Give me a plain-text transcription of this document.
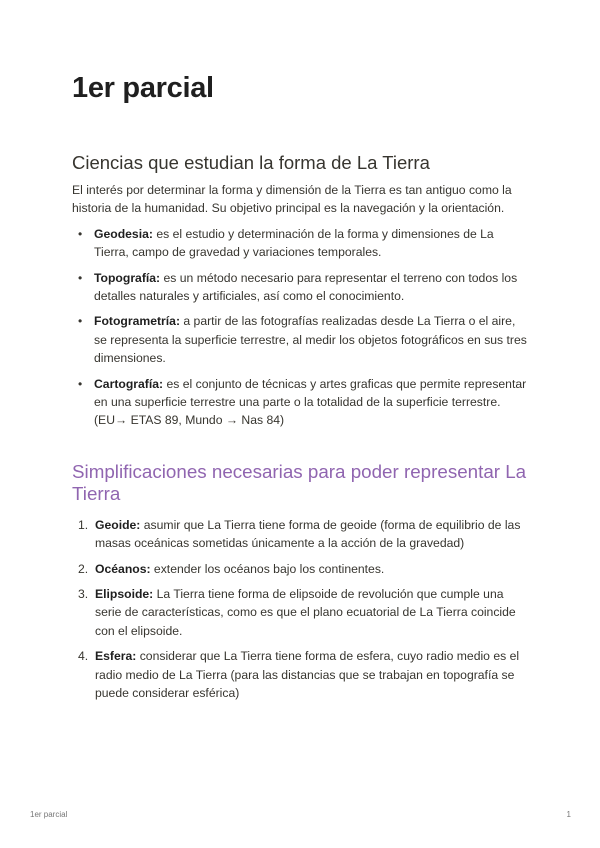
1er parcial
Ciencias que estudian la forma de La Tierra

El interés por determinar la forma y dimensión de la Tierra es tan antiguo como la historia de la humanidad. Su objetivo principal es la navegación y la orientación.

• Geodesia: es el estudio y determinación de la forma y dimensiones de La Tierra, campo de gravedad y variaciones temporales.
• Topografía: es un método necesario para representar el terreno con todos los detalles naturales y artificiales, así como el conocimiento.
• Fotogrametría: a partir de las fotografías realizadas desde La Tierra o el aire, se representa la superficie terrestre, al medir los objetos fotográficos en sus tres dimensiones.
• Cartografía: es el conjunto de técnicas y artes graficas que permite representar en una superficie terrestre una parte o la totalidad de la superficie terrestre. (EU→ ETAS 89, Mundo → Nas 84)
Simplificaciones necesarias para poder representar La Tierra
1. Geoide: asumir que La Tierra tiene forma de geoide (forma de equilibrio de las masas oceánicas sometidas únicamente a la acción de la gravedad)
2. Océanos: extender los océanos bajo los continentes.
3. Elipsoide: La Tierra tiene forma de elipsoide de revolución que cumple una serie de características, como es que el plano ecuatorial de La Tierra coincide con el elipsoide.
4. Esfera: considerar que La Tierra tiene forma de esfera, cuyo radio medio es el radio medio de La Tierra (para las distancias que se trabajan en topografía se puede considerar esférica)
1er parcial	1
